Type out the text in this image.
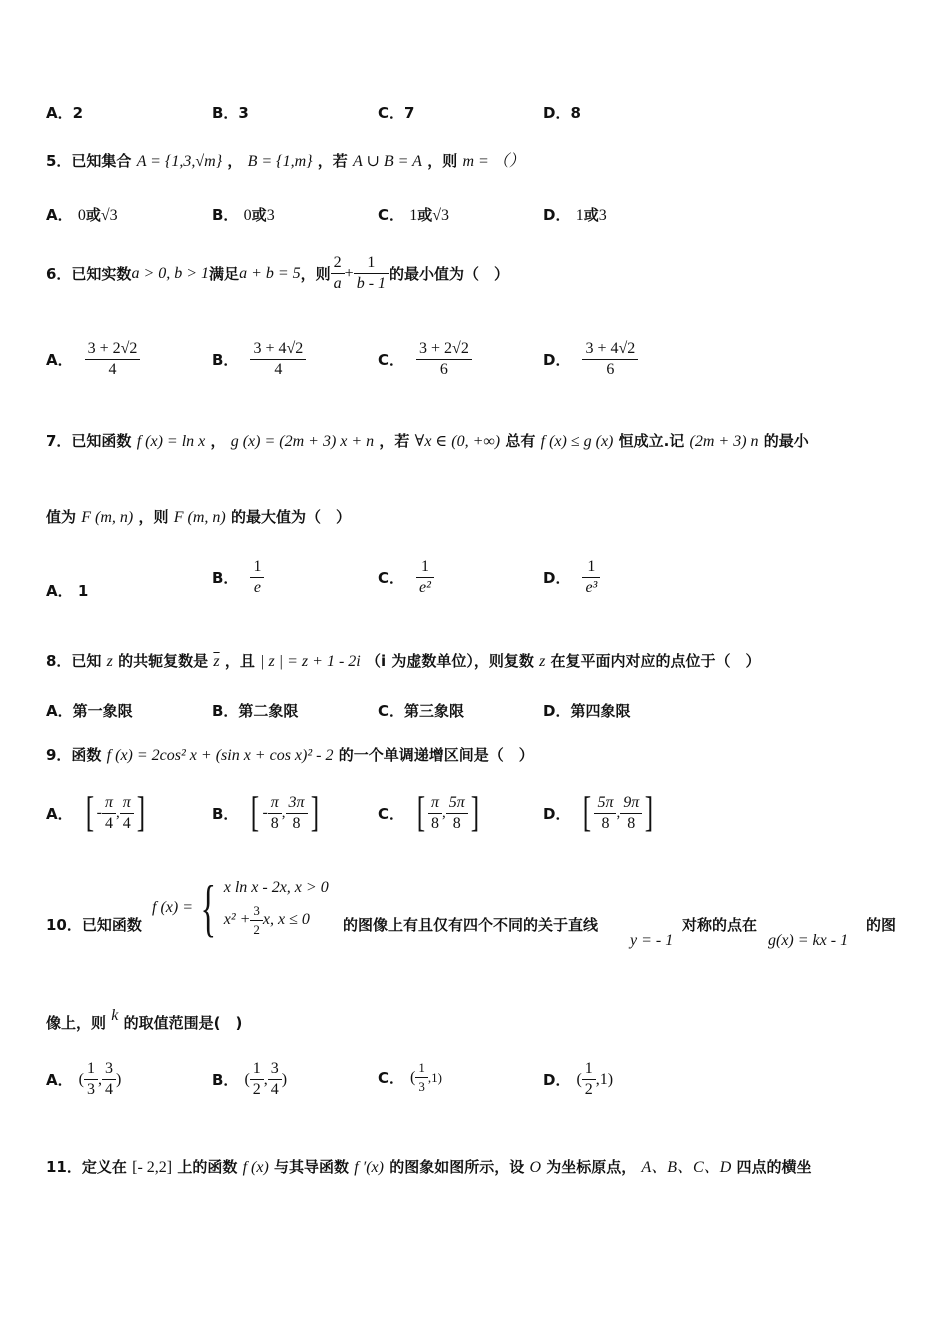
A．2	B．3	C．7	D．8
5．已知集合 A = {1,3,√m} ， B = {1,m} ，若 A ∪ B = A ，则 m = （）
A． 0或√3	B． 0或3	C． 1或√3	D． 1或3
6．已知实数 a > 0, b > 1 满足 a + b = 5 ，则 $\frac{2}{a} + \frac{1}{b - 1}$ 的最小值为（　）
A． $\frac{3 + 2√2}{4}$	B． $\frac{3 + 4√2}{4}$	C． $\frac{3 + 2√2}{6}$	D． $\frac{3 + 4√2}{6}$
7．已知函数 f (x) = ln x ， g (x) = (2m + 3) x + n ，若 ∀x ∈ (0, +∞) 总有 f (x) ≤ g (x) 恒成立.记 (2m + 3) n 的最小
值为 F (m, n) ，则 F (m, n) 的最大值为（　）
A． 1
B． $\frac{1}{e}$	C． $\frac{1}{\text{e²}}$	D． $\frac{1}{\text{e³}}$
8．已知 z 的共轭复数是 $\overline{z}$ ，且 | z | = z + 1 - 2i （i 为虚数单位），则复数 z 在复平面内对应的点位于（　）
A．第一象限	B．第二象限	C．第三象限	D．第四象限
9．函数 f (x) = 2cos² x + (sin x + cos x)² - 2 的一个单调递增区间是（　）
A． [ - $\frac{\pi}{4}$ , $\frac{\pi}{4}$ ]	B． [ - $\frac{\pi}{8}$ , $\frac{3\pi}{8}$ ]	C． [ $\frac{\pi}{8}$ , $\frac{5\pi}{8}$ ]	D． [ $\frac{5\pi}{8}$ , $\frac{9\pi}{8}$ ]
10．已知函数
f (x) = { x ln x - 2x, x > 0
$x^2 + \frac{3}{2} x$, x ≤ 0 的图像上有且仅有四个不同的关于直线
y = - 1
对称的点在
g(x) = kx - 1
的图
像上，则 k 的取值范围是(　)
A． ( $\frac{1}{3}$ , $\frac{3}{4}$ )	B． ( $\frac{1}{2}$ , $\frac{3}{4}$ )	C． ( $\frac{1}{3}$ , 1 )	D． ( $\frac{1}{2}$ , 1 )
11．定义在 [- 2,2] 上的函数 f (x) 与其导函数 f ′(x) 的图象如图所示，设 O 为坐标原点， A、B、C、D 四点的横坐
